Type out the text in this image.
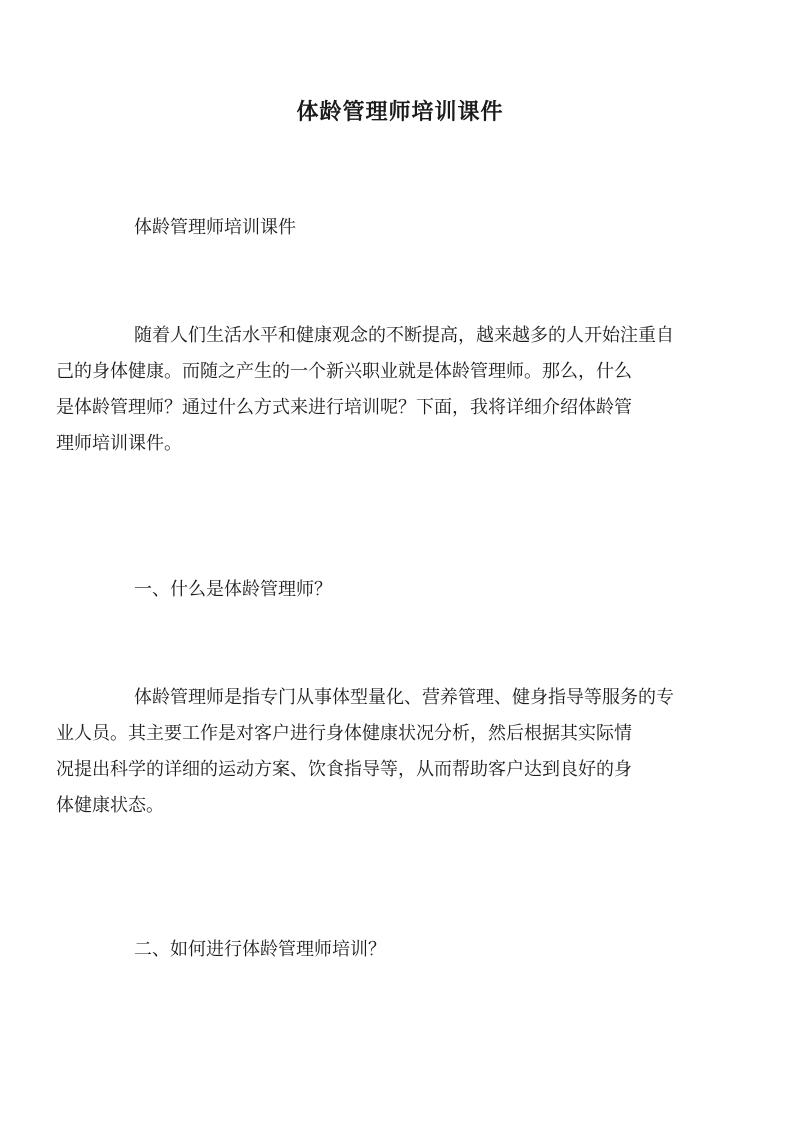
体龄管理师培训课件

体龄管理师培训课件

随着人们生活水平和健康观念的不断提高，越来越多的人开始注重自
己的身体健康。而随之产生的一个新兴职业就是体龄管理师。那么，什么
是体龄管理师？通过什么方式来进行培训呢？下面，我将详细介绍体龄管
理师培训课件。

一、什么是体龄管理师？

体龄管理师是指专门从事体型量化、营养管理、健身指导等服务的专
业人员。其主要工作是对客户进行身体健康状况分析，然后根据其实际情
况提出科学的详细的运动方案、饮食指导等，从而帮助客户达到良好的身
体健康状态。

二、如何进行体龄管理师培训？
